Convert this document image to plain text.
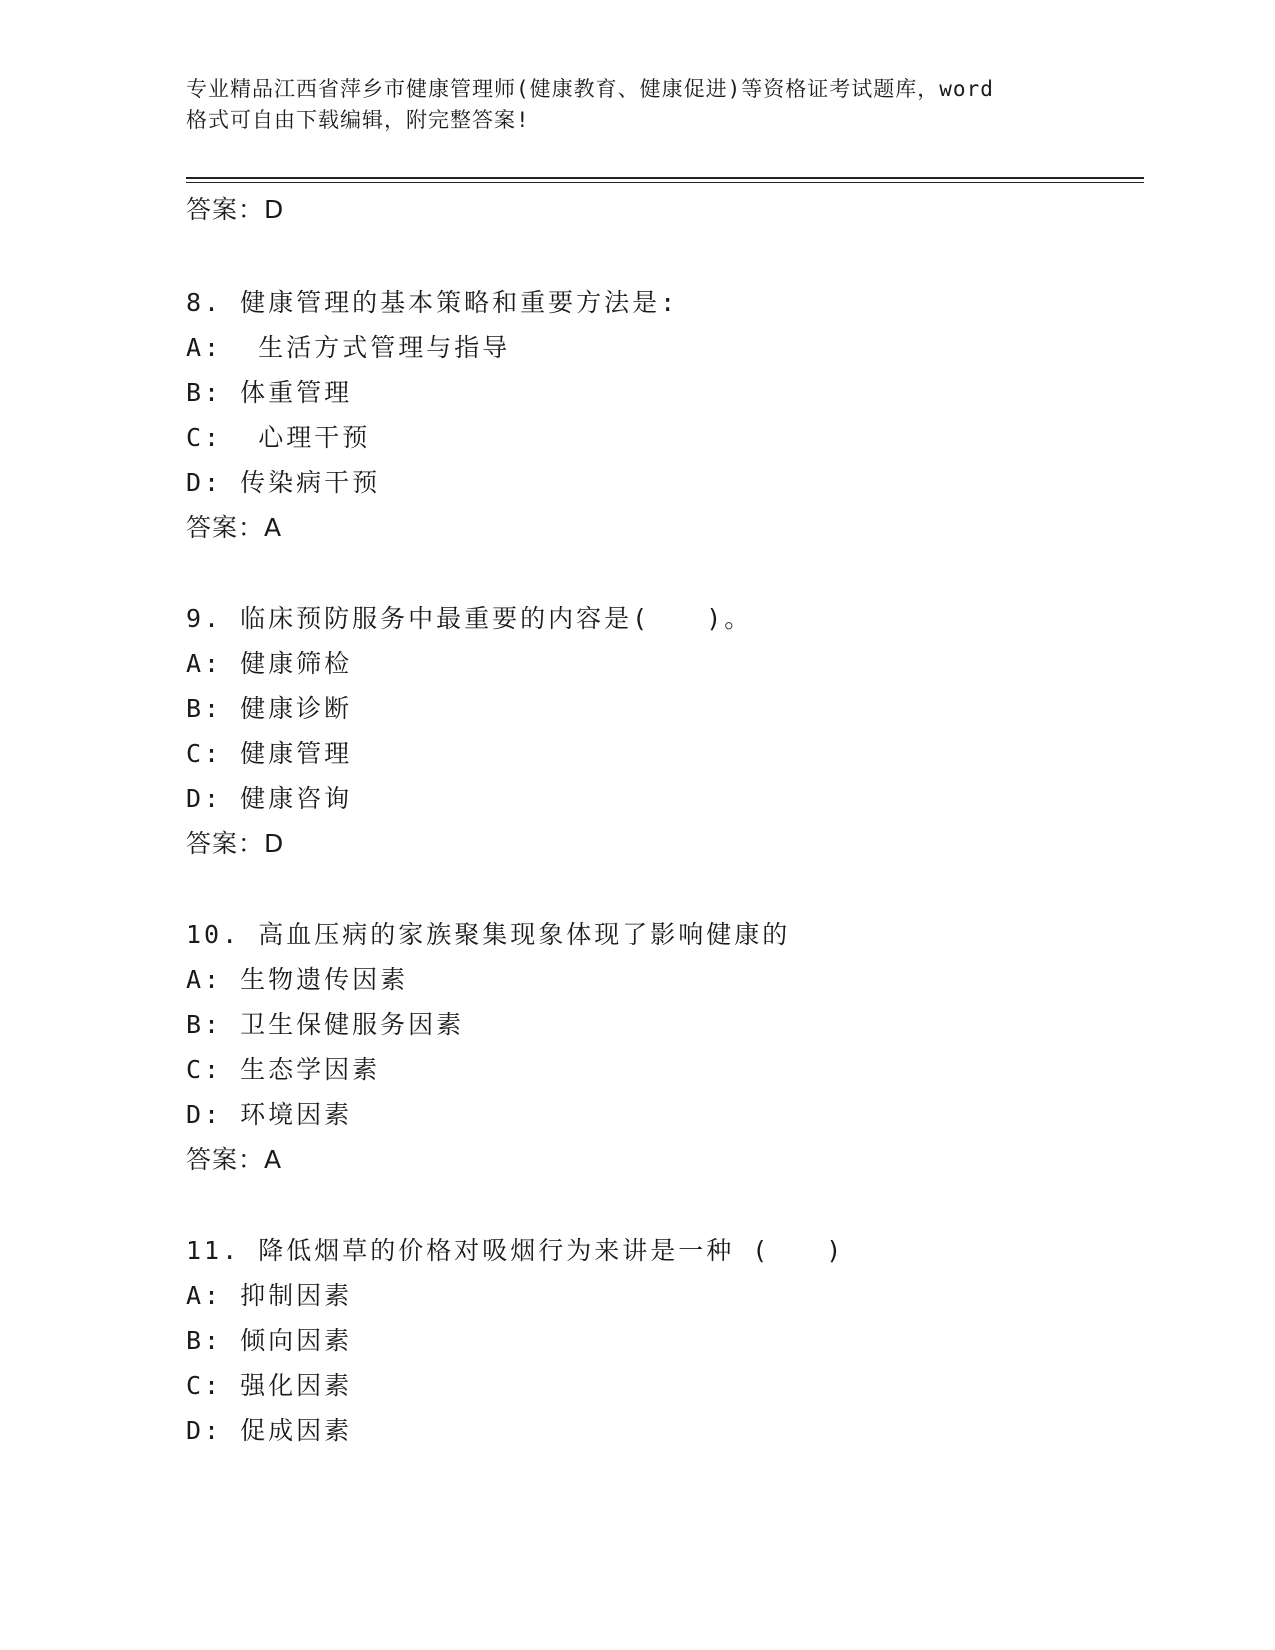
专业精品江西省萍乡市健康管理师(健康教育、健康促进)等资格证考试题库，word
格式可自由下载编辑，附完整答案!
答案：D
8. 健康管理的基本策略和重要方法是:
A:  生活方式管理与指导
B: 体重管理
C:  心理干预
D: 传染病干预
答案：A
9. 临床预防服务中最重要的内容是(　　)。
A: 健康筛检
B: 健康诊断
C: 健康管理
D: 健康咨询
答案：D
10. 高血压病的家族聚集现象体现了影响健康的
A: 生物遗传因素
B: 卫生保健服务因素
C: 生态学因素
D: 环境因素
答案：A
11. 降低烟草的价格对吸烟行为来讲是一种 (　　)
A: 抑制因素
B: 倾向因素
C: 强化因素
D: 促成因素
